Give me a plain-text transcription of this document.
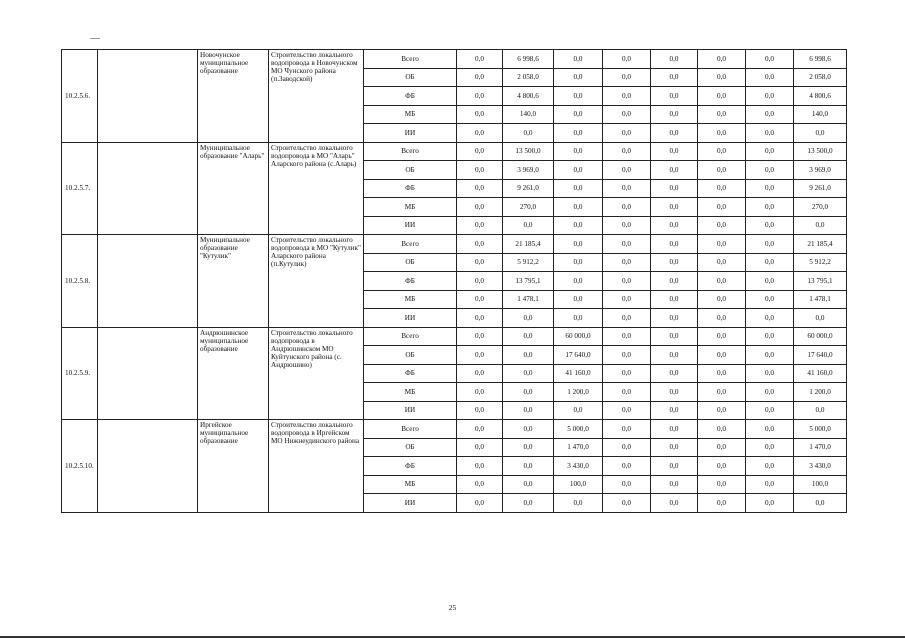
10.2.5.6.		Новочунское муниципальное образование	Строительство локального водопровода в Новочунском МО Чунского района (п.Заводской)	Всего	0,0	6 998,6	0,0	0,0	0,0	0,0	0,0	6 998,6
				ОБ	0,0	2 058,0	0,0	0,0	0,0	0,0	0,0	2 058,0
				ФБ	0,0	4 800,6	0,0	0,0	0,0	0,0	0,0	4 800,6
				МБ	0,0	140,0	0,0	0,0	0,0	0,0	0,0	140,0
				ИИ	0,0	0,0	0,0	0,0	0,0	0,0	0,0	0,0
10.2.5.7.		Муниципальное образование "Аларь"	Строительство локального водопровода в МО "Аларь" Аларского района (с.Аларь)	Всего	0,0	13 500,0	0,0	0,0	0,0	0,0	0,0	13 500,0
				ОБ	0,0	3 969,0	0,0	0,0	0,0	0,0	0,0	3 969,0
				ФБ	0,0	9 261,0	0,0	0,0	0,0	0,0	0,0	9 261,0
				МБ	0,0	270,0	0,0	0,0	0,0	0,0	0,0	270,0
				ИИ	0,0	0,0	0,0	0,0	0,0	0,0	0,0	0,0
10.2.5.8.		Муниципальное образование "Кутулик"	Строительство локального водопровода в МО "Кутулик" Аларского района (п.Кутулик)	Всего	0,0	21 185,4	0,0	0,0	0,0	0,0	0,0	21 185,4
				ОБ	0,0	5 912,2	0,0	0,0	0,0	0,0	0,0	5 912,2
				ФБ	0,0	13 795,1	0,0	0,0	0,0	0,0	0,0	13 795,1
				МБ	0,0	1 478,1	0,0	0,0	0,0	0,0	0,0	1 478,1
				ИИ	0,0	0,0	0,0	0,0	0,0	0,0	0,0	0,0
10.2.5.9.		Андрюшинское муниципальное образование	Строительство локального водопровода в Андрюшинском МО Куйтунского района (с. Андрюшино)	Всего	0,0	0,0	60 000,0	0,0	0,0	0,0	0,0	60 000,0
				ОБ	0,0	0,0	17 640,0	0,0	0,0	0,0	0,0	17 640,0
				ФБ	0,0	0,0	41 160,0	0,0	0,0	0,0	0,0	41 160,0
				МБ	0,0	0,0	1 200,0	0,0	0,0	0,0	0,0	1 200,0
				ИИ	0,0	0,0	0,0	0,0	0,0	0,0	0,0	0,0
10.2.5.10.		Иргейское муниципальное образование	Строительство локального водопровода в Иргейском МО Нижнеудинского района	Всего	0,0	0,0	5 000,0	0,0	0,0	0,0	0,0	5 000,0
				ОБ	0,0	0,0	1 470,0	0,0	0,0	0,0	0,0	1 470,0
				ФБ	0,0	0,0	3 430,0	0,0	0,0	0,0	0,0	3 430,0
				МБ	0,0	0,0	100,0	0,0	0,0	0,0	0,0	100,0
				ИИ	0,0	0,0	0,0	0,0	0,0	0,0	0,0	0,0
25
